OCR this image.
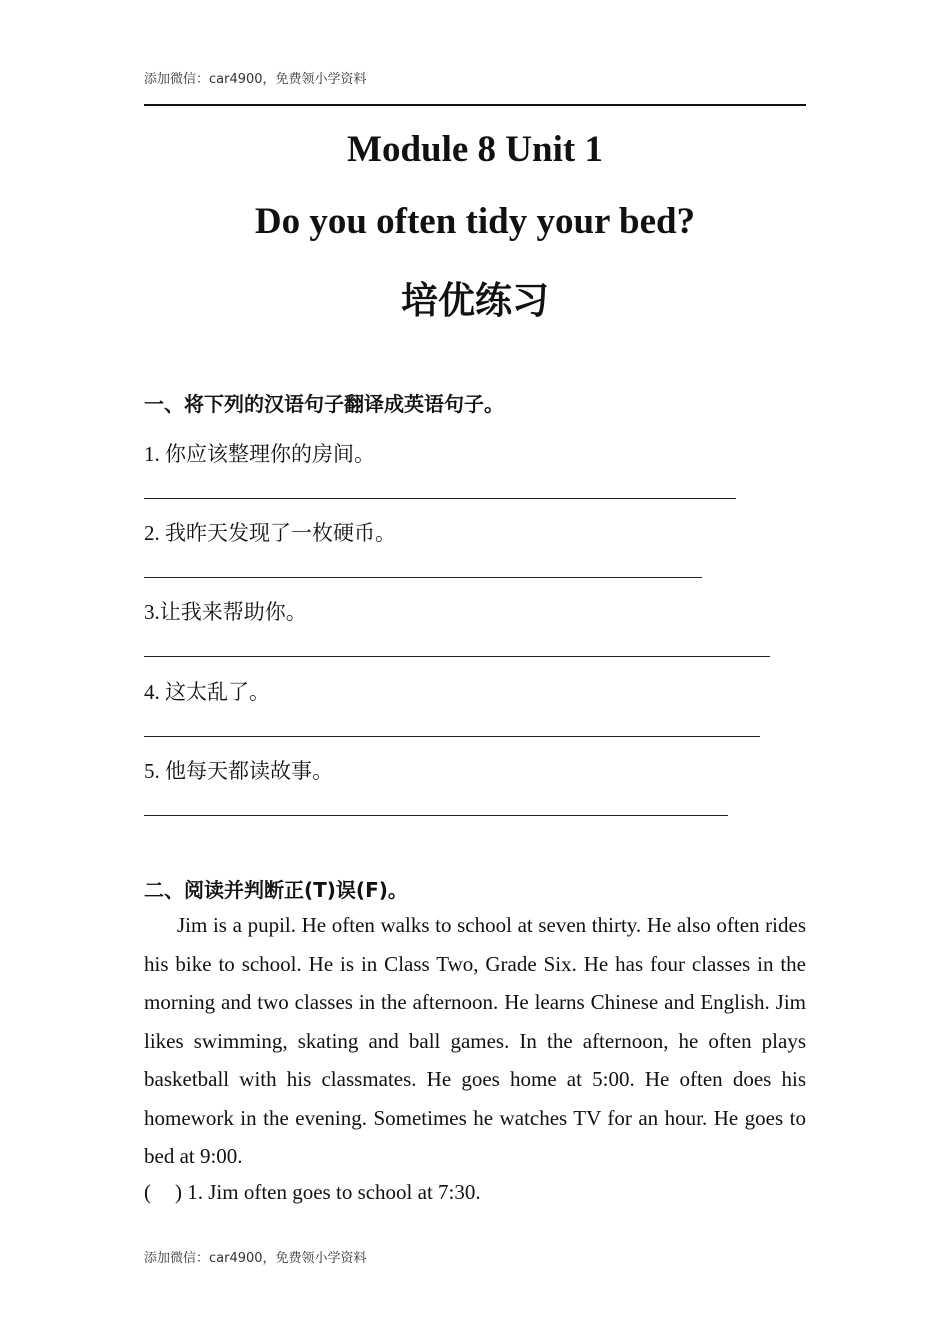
添加微信：car4900，免费领小学资料
Module 8 Unit 1
Do you often tidy your bed?
培优练习
一、将下列的汉语句子翻译成英语句子。
1. 你应该整理你的房间。
2. 我昨天发现了一枚硬币。
3.让我来帮助你。
4. 这太乱了。
5. 他每天都读故事。
二、阅读并判断正(T)误(F)。

Jim is a pupil. He often walks to school at seven thirty. He also often rides his bike to school. He is in Class Two, Grade Six. He has four classes in the morning and two classes in the afternoon. He learns Chinese and English. Jim likes swimming, skating and ball games. In the afternoon, he often plays basketball with his classmates. He goes home at 5:00. He often does his homework in the evening. Sometimes he watches TV for an hour. He goes to bed at 9:00.

( ) 1. Jim often goes to school at 7:30.
添加微信：car4900，免费领小学资料
